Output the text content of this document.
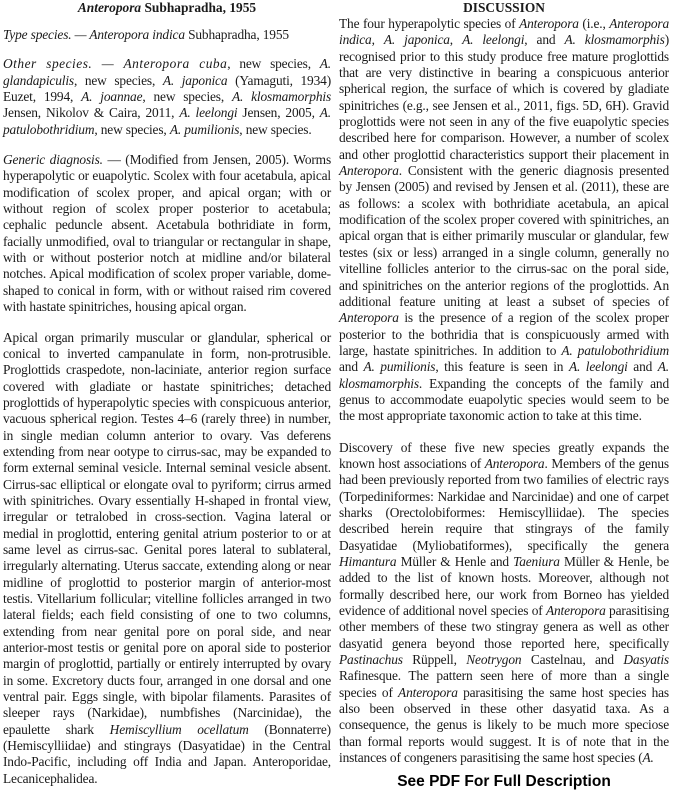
Anteropora Subhapradha, 1955

Type species. — Anteropora indica Subhapradha, 1955

Other species. — Anteropora cuba, new species, A. glandapiculis, new species, A. japonica (Yamaguti, 1934) Euzet, 1994, A. joannae, new species, A. klosmamorphis Jensen, Nikolov & Caira, 2011, A. leelongi Jensen, 2005, A. patulobothridium, new species, A. pumilionis, new species.

Generic diagnosis. — (Modified from Jensen, 2005). Worms hyperapolytic or euapolytic. Scolex with four acetabula, apical modification of scolex proper, and apical organ; with or without region of scolex proper posterior to acetabula; cephalic peduncle absent. Acetabula bothridiate in form, facially unmodified, oval to triangular or rectangular in shape, with or without posterior notch at midline and/or bilateral notches. Apical modification of scolex proper variable, dome-shaped to conical in form, with or without raised rim covered with hastate spinitriches, housing apical organ.

Apical organ primarily muscular or glandular, spherical or conical to inverted campanulate in form, non-protrusible. Proglottids craspedote, non-laciniate, anterior region surface covered with gladiate or hastate spinitriches; detached proglottids of hyperapolytic species with conspicuous anterior, vacuous spherical region. Testes 4–6 (rarely three) in number, in single median column anterior to ovary. Vas deferens extending from near ootype to cirrus-sac, may be expanded to form external seminal vesicle. Internal seminal vesicle absent. Cirrus-sac elliptical or elongate oval to pyriform; cirrus armed with spinitriches. Ovary essentially H-shaped in frontal view, irregular or tetralobed in cross-section. Vagina lateral or medial in proglottid, entering genital atrium posterior to or at same level as cirrus-sac. Genital pores lateral to sublateral, irregularly alternating. Uterus saccate, extending along or near midline of proglottid to posterior margin of anterior-most testis. Vitellarium follicular; vitelline follicles arranged in two lateral fields; each field consisting of one to two columns, extending from near genital pore on poral side, and near anterior-most testis or genital pore on aporal side to posterior margin of proglottid, partially or entirely interrupted by ovary in some. Excretory ducts four, arranged in one dorsal and one ventral pair. Eggs single, with bipolar filaments. Parasites of sleeper rays (Narkidae), numbfishes (Narcinidae), the epaulette shark Hemiscyllium ocellatum (Bonnaterre) (Hemiscylliidae) and stingrays (Dasyatidae) in the Central Indo-Pacific, including off India and Japan. Anteroporidae, Lecanicephalidea.

DISCUSSION

The four hyperapolytic species of Anteropora (i.e., Anteropora indica, A. japonica, A. leelongi, and A. klosmamorphis) recognised prior to this study produce free mature proglottids that are very distinctive in bearing a conspicuous anterior spherical region, the surface of which is covered by gladiate spinitriches (e.g., see Jensen et al., 2011, figs. 5D, 6H). Gravid proglottids were not seen in any of the five euapolytic species described here for comparison. However, a number of scolex and other proglottid characteristics support their placement in Anteropora. Consistent with the generic diagnosis presented by Jensen (2005) and revised by Jensen et al. (2011), these are as follows: a scolex with bothridiate acetabula, an apical modification of the scolex proper covered with spinitriches, an apical organ that is either primarily muscular or glandular, few testes (six or less) arranged in a single column, generally no vitelline follicles anterior to the cirrus-sac on the poral side, and spinitriches on the anterior regions of the proglottids. An additional feature uniting at least a subset of species of Anteropora is the presence of a region of the scolex proper posterior to the bothridia that is conspicuously armed with large, hastate spinitriches. In addition to A. patulobothridium and A. pumilionis, this feature is seen in A. leelongi and A. klosmamorphis. Expanding the concepts of the family and genus to accommodate euapolytic species would seem to be the most appropriate taxonomic action to take at this time.

Discovery of these five new species greatly expands the known host associations of Anteropora. Members of the genus had been previously reported from two families of electric rays (Torpediniformes: Narkidae and Narcinidae) and one of carpet sharks (Orectolobiformes: Hemiscylliidae). The species described herein require that stingrays of the family Dasyatidae (Myliobatiformes), specifically the genera Himantura Müller & Henle and Taeniura Müller & Henle, be added to the list of known hosts. Moreover, although not formally described here, our work from Borneo has yielded evidence of additional novel species of Anteropora parasitising other members of these two stingray genera as well as other dasyatid genera beyond those reported here, specifically Pastinachus Rüppell, Neotrygon Castelnau, and Dasyatis Rafinesque. The pattern seen here of more than a single species of Anteropora parasitising the same host species has also been observed in these other dasyatid taxa. As a consequence, the genus is likely to be much more speciose than formal reports would suggest. It is of note that in the instances of congeners parasitising the same host species (A.

See PDF For Full Description
